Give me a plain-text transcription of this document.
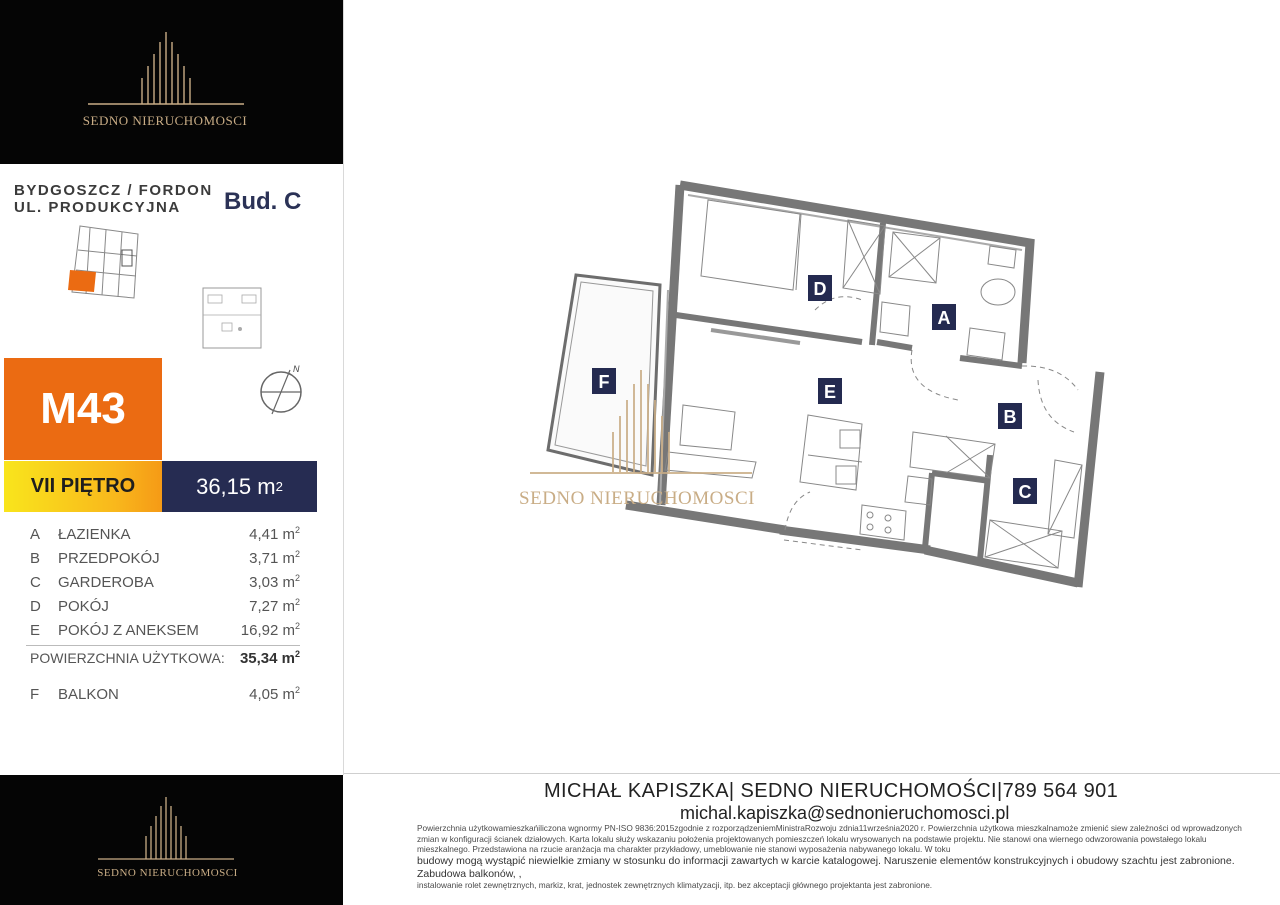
SEDNO NIERUCHOMOSCI
BYDGOSZCZ / FORDON
UL. PRODUKCYJNA Bud. C
N
M43
VII PIĘTRO	36,15 m 2
A ŁAZIENKA	4,41 $m^2$
B PRZEDPOKÓJ	3,71 $m^2$
C GARDEROBA	3,03 $m^2$
D POKÓJ	7,27 $m^2$
E POKÓJ Z ANEKSEM	16,92 $m^2$
POWIERZCHNIA UŻYTKOWA: 35,34 $m^2$
F BALKON	4,05 $m^2$
SEDNO NIERUCHOMOSCI
SEDNO NIERUCHOMOSCI
D
A
F	E
B
C
MICHAŁ KAPISZKA| SEDNO NIERUCHOMOŚCI|789 564 901
michal.kapiszka@sednonieruchomosci.pl
Powierzchnia użytkowamieszkańiliczona wgnormy PN-ISO 9836:2015zgodnie z rozporządzeniemMinistraRozwoju zdnia11września2020 r. Powierzchnia użytkowa mieszkalnamoże zmienić siew zależności od wprowadzonych zmian w konfiguracji ścianek działowych. Karta lokalu służy wskazaniu położenia projektowanych pomieszczeń lokalu wrysowanych na podstawie projektu. Nie stanowi ona wiernego odwzorowania powstałego lokalu mieszkalnego. Przedstawiona na rzucie aranżacja ma charakter przykładowy, umeblowanie nie stanowi wyposażenia nabywanego lokalu. W toku
budowy mogą wystąpić niewielkie zmiany w stosunku do informacji zawartych w karcie katalogowej. Naruszenie elementów konstrukcyjnych i obudowy szachtu jest zabronione. Zabudowa balkonów, ,
instalowanie rolet zewnętrznych, markiz, krat, jednostek zewnętrznych klimatyzacji, itp. bez akceptacji głównego projektanta jest zabronione.
